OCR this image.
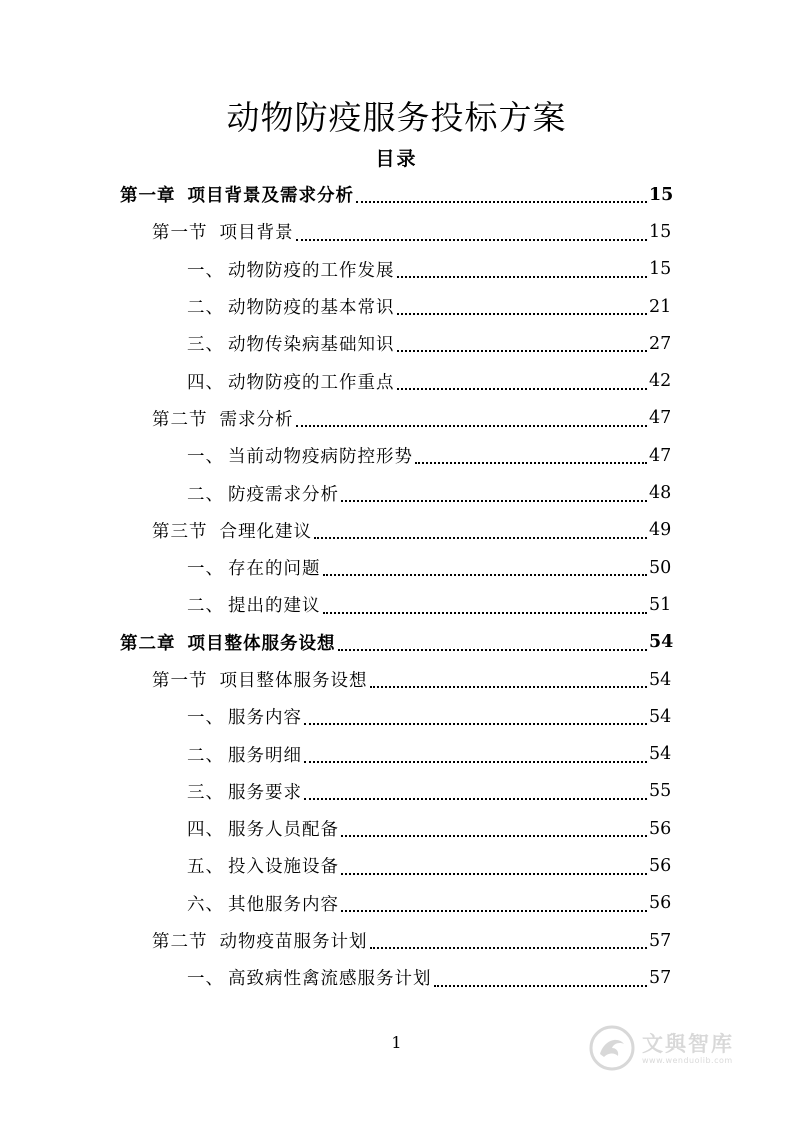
动物防疫服务投标方案
目录
第一章 项目背景及需求分析	15
第一节 项目背景	15
一、 动物防疫的工作发展	15
二、 动物防疫的基本常识	21
三、 动物传染病基础知识	27
四、 动物防疫的工作重点	42
第二节 需求分析	47
一、 当前动物疫病防控形势	47
二、 防疫需求分析	48
第三节 合理化建议	49
一、 存在的问题	50
二、 提出的建议	51
第二章 项目整体服务设想	54
第一节 项目整体服务设想	54
一、 服务内容	54
二、 服务明细	54
三、 服务要求	55
四、 服务人员配备	56
五、 投入设施设备	56
六、 其他服务内容	56
第二节 动物疫苗服务计划	57
一、 高致病性禽流感服务计划	57
1	文與智库
www.wenduolib.com
